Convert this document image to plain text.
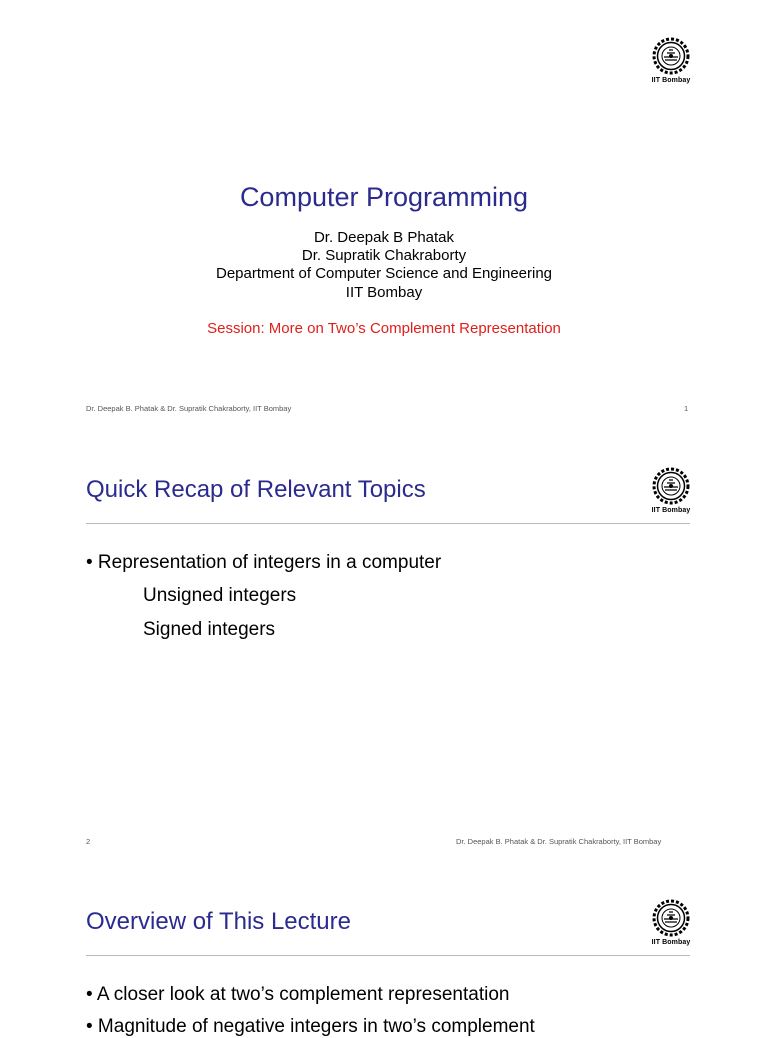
IIT Bombay
Computer Programming
Dr. Deepak B Phatak
Dr. Supratik Chakraborty
Department of Computer Science and Engineering
IIT Bombay
Session: More on Two’s Complement Representation
Dr. Deepak B. Phatak & Dr. Supratik Chakraborty, IIT Bombay	1
Quick Recap of Relevant Topics
IIT Bombay
• Representation of integers in a computer
Unsigned integers
Signed integers
2	Dr. Deepak B. Phatak & Dr. Supratik Chakraborty, IIT Bombay
Overview of This Lecture
IIT Bombay
• A closer look at two’s complement representation
• Magnitude of negative integers in two’s complement
